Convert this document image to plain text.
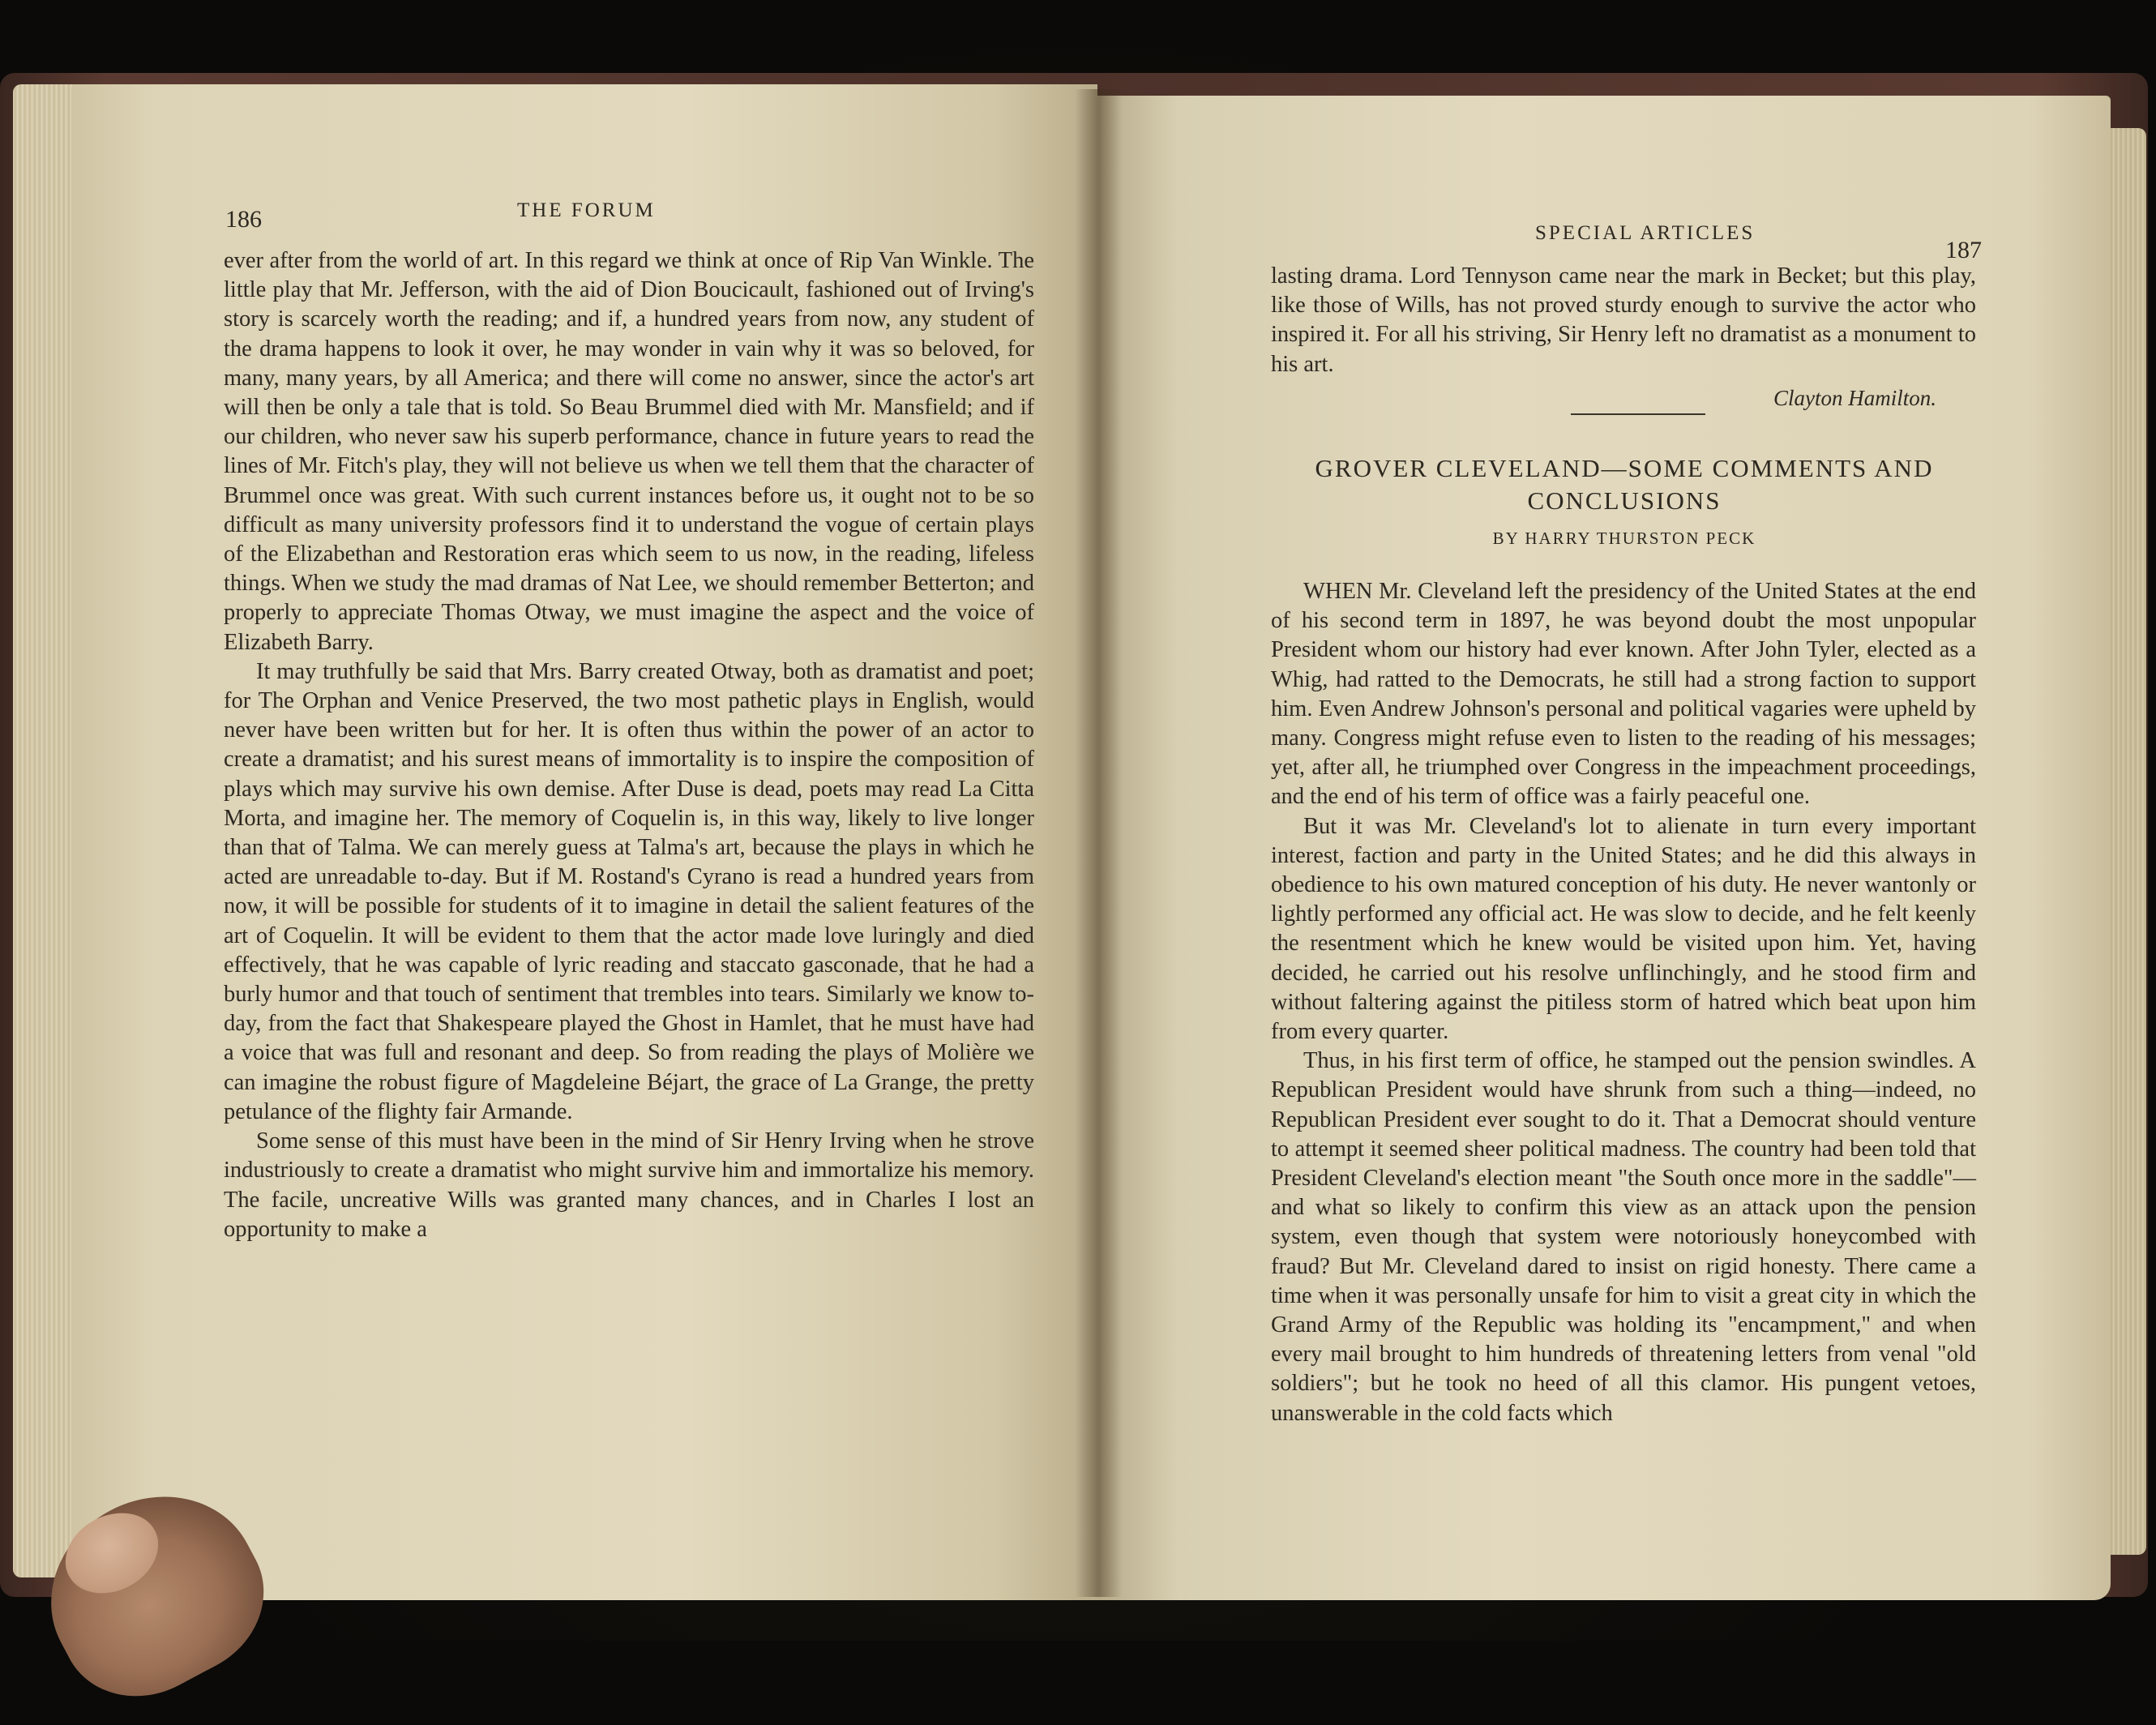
186	THE FORUM

ever after from the world of art. In this regard we think at once of Rip Van Winkle. The little play that Mr. Jefferson, with the aid of Dion Boucicault, fashioned out of Irving's story is scarcely worth the reading; and if, a hundred years from now, any student of the drama happens to look it over, he may wonder in vain why it was so beloved, for many, many years, by all America; and there will come no answer, since the actor's art will then be only a tale that is told. So Beau Brummel died with Mr. Mansfield; and if our children, who never saw his superb performance, chance in future years to read the lines of Mr. Fitch's play, they will not believe us when we tell them that the character of Brummel once was great. With such current instances before us, it ought not to be so difficult as many university professors find it to understand the vogue of certain plays of the Elizabethan and Restoration eras which seem to us now, in the reading, lifeless things. When we study the mad dramas of Nat Lee, we should remember Betterton; and properly to appreciate Thomas Otway, we must imagine the aspect and the voice of Elizabeth Barry.

It may truthfully be said that Mrs. Barry created Otway, both as dramatist and poet; for The Orphan and Venice Preserved, the two most pathetic plays in English, would never have been written but for her. It is often thus within the power of an actor to create a dramatist; and his surest means of immortality is to inspire the composition of plays which may survive his own demise. After Duse is dead, poets may read La Citta Morta, and imagine her. The memory of Coquelin is, in this way, likely to live longer than that of Talma. We can merely guess at Talma's art, because the plays in which he acted are unreadable to-day. But if M. Rostand's Cyrano is read a hundred years from now, it will be possible for students of it to imagine in detail the salient features of the art of Coquelin. It will be evident to them that the actor made love luringly and died effectively, that he was capable of lyric reading and staccato gasconade, that he had a burly humor and that touch of sentiment that trembles into tears. Similarly we know to-day, from the fact that Shakespeare played the Ghost in Hamlet, that he must have had a voice that was full and resonant and deep. So from reading the plays of Molière we can imagine the robust figure of Magdeleine Béjart, the grace of La Grange, the pretty petulance of the flighty fair Armande.

Some sense of this must have been in the mind of Sir Henry Irving when he strove industriously to create a dramatist who might survive him and immortalize his memory. The facile, uncreative Wills was granted many chances, and in Charles I lost an opportunity to make a

SPECIAL ARTICLES
187
lasting drama. Lord Tennyson came near the mark in Becket; but this play, like those of Wills, has not proved sturdy enough to survive the actor who inspired it. For all his striving, Sir Henry left no dramatist as a monument to his art.
Clayton Hamilton.
GROVER CLEVELAND—SOME COMMENTS AND CONCLUSIONS
BY HARRY THURSTON PECK

WHEN Mr. Cleveland left the presidency of the United States at the end of his second term in 1897, he was beyond doubt the most unpopular President whom our history had ever known. After John Tyler, elected as a Whig, had ratted to the Democrats, he still had a strong faction to support him. Even Andrew Johnson's personal and political vagaries were upheld by many. Congress might refuse even to listen to the reading of his messages; yet, after all, he triumphed over Congress in the impeachment proceedings, and the end of his term of office was a fairly peaceful one.

But it was Mr. Cleveland's lot to alienate in turn every important interest, faction and party in the United States; and he did this always in obedience to his own matured conception of his duty. He never wantonly or lightly performed any official act. He was slow to decide, and he felt keenly the resentment which he knew would be visited upon him. Yet, having decided, he carried out his resolve unflinchingly, and he stood firm and without faltering against the pitiless storm of hatred which beat upon him from every quarter.

Thus, in his first term of office, he stamped out the pension swindles. A Republican President would have shrunk from such a thing—indeed, no Republican President ever sought to do it. That a Democrat should venture to attempt it seemed sheer political madness. The country had been told that President Cleveland's election meant "the South once more in the saddle"—and what so likely to confirm this view as an attack upon the pension system, even though that system were notoriously honeycombed with fraud? But Mr. Cleveland dared to insist on rigid honesty. There came a time when it was personally unsafe for him to visit a great city in which the Grand Army of the Republic was holding its "encampment," and when every mail brought to him hundreds of threatening letters from venal "old soldiers"; but he took no heed of all this clamor. His pungent vetoes, unanswerable in the cold facts which
